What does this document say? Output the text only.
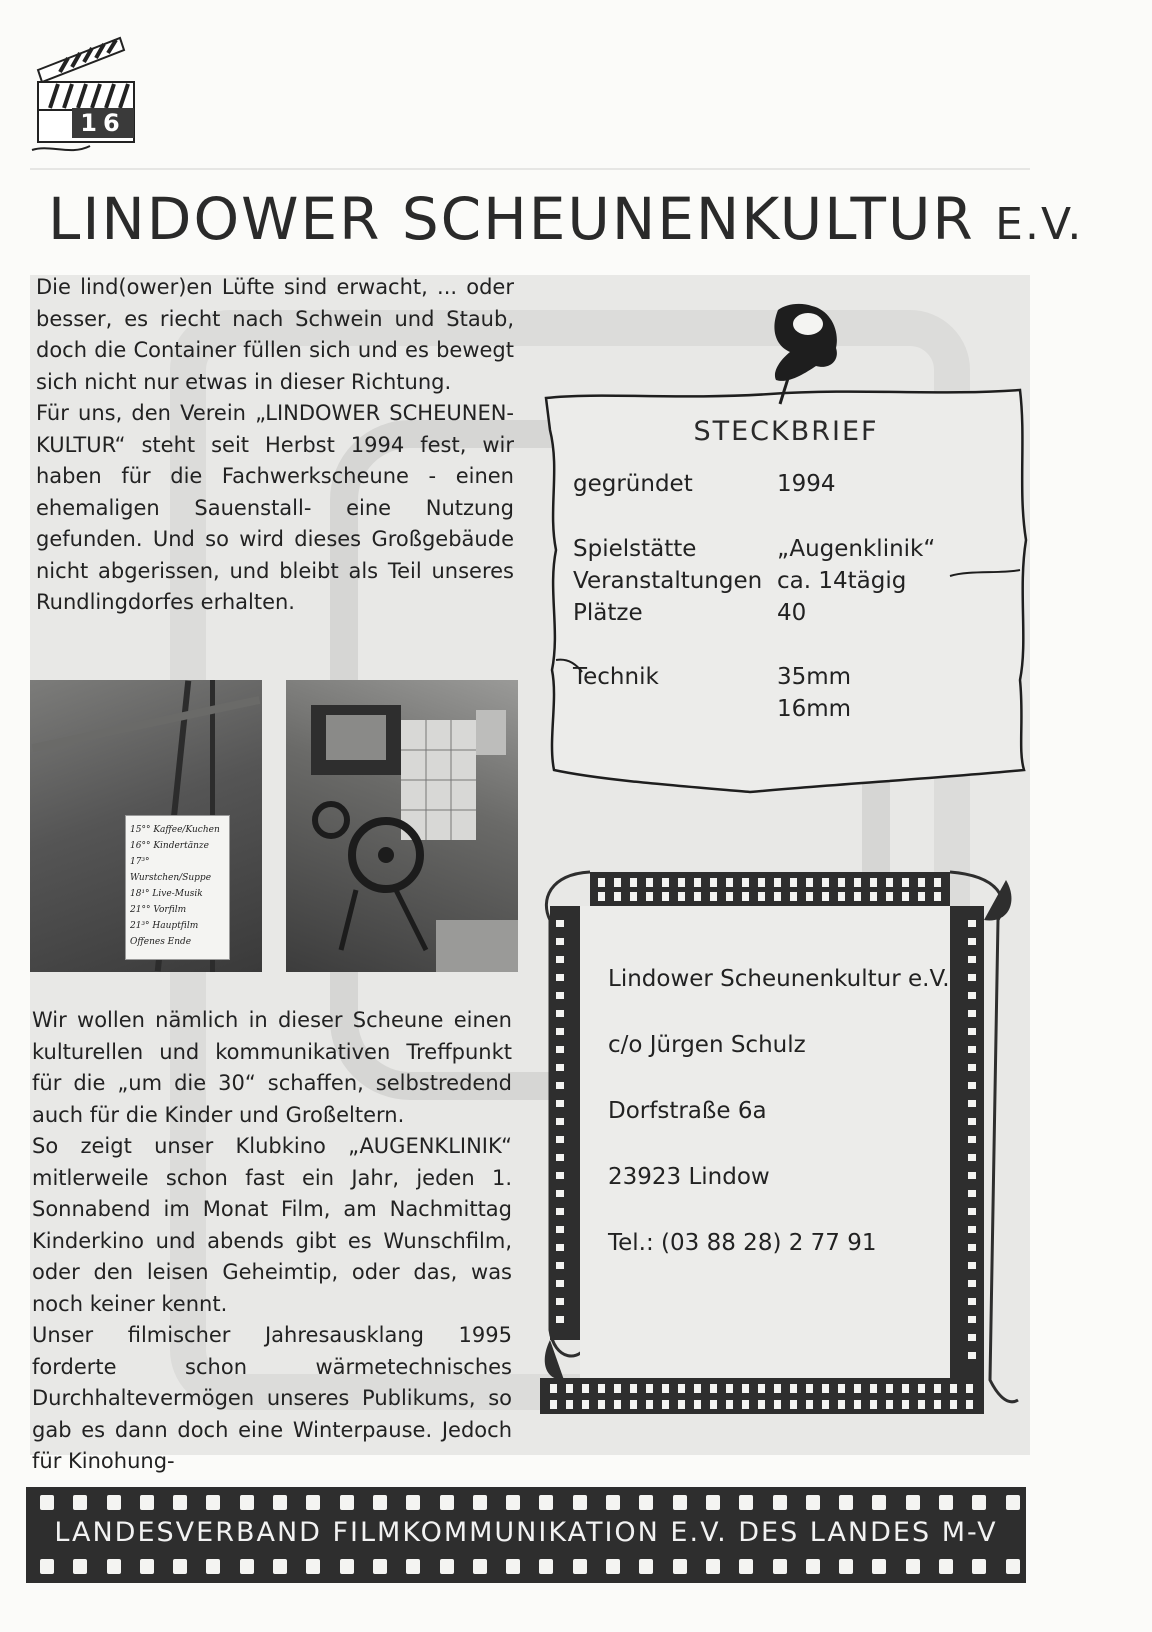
16
LINDOWER SCHEUNENKULTUR E.V.

Die lind(ower)en Lüfte sind erwacht, ... oder besser, es riecht nach Schwein und Staub, doch die Container füllen sich und es bewegt sich nicht nur etwas in dieser Richtung.

Für uns, den Verein „LINDOWER SCHEUNEN-KULTUR“ steht seit Herbst 1994 fest, wir haben für die Fachwerkscheune - einen ehemaligen Sauenstall- eine Nutzung gefunden. Und so wird dieses Großgebäude nicht abgerissen, und bleibt als Teil unseres Rundlingdorfes erhalten.

15°° Kaffee/Kuchen
16°° Kindertänze
17³° Wurstchen/Suppe
18¹° Live-Musik
21°° Vorfilm
21³° Hauptfilm
Offenes Ende

Wir wollen nämlich in dieser Scheune einen kulturellen und kommunikativen Treffpunkt für die „um die 30“ schaffen, selbstredend auch für die Kinder und Großeltern.

So zeigt unser Klubkino „AUGENKLINIK“ mitlerweile schon fast ein Jahr, jeden 1. Sonnabend im Monat Film, am Nachmittag Kinderkino und abends gibt es Wunschfilm, oder den leisen Geheimtip, oder das, was noch keiner kennt.

Unser filmischer Jahresausklang 1995 forderte schon wärmetechnisches Durchhaltevermögen unseres Publikums, so gab es dann doch eine Winterpause. Jedoch für Kinohung-

STECKBRIEF
gegründet	1994
Spielstätte	„Augenklinik“
Veranstaltungen ca. 14tägig
Plätze	40
Technik	35mm
16mm
Lindower Scheunenkultur e.V.
c/o Jürgen Schulz
Dorfstraße 6a
23923 Lindow
Tel.: (03 88 28) 2 77 91
LANDESVERBAND FILMKOMMUNIKATION E.V. DES LANDES M-V
